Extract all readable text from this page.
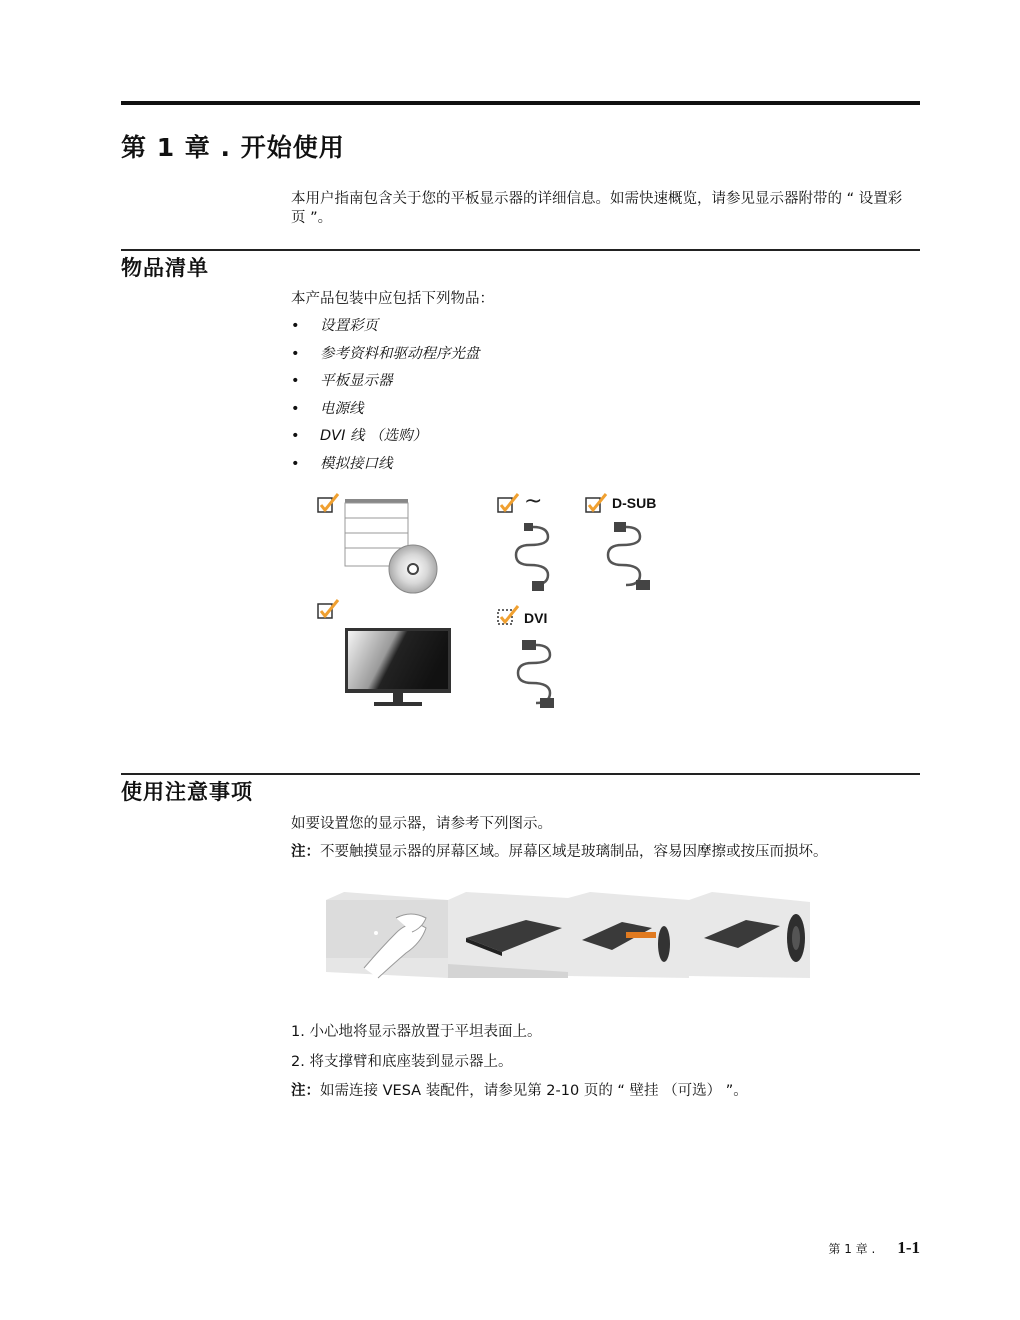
第 1 章 . 开始使用
本用户指南包含关于您的平板显示器的详细信息。如需快速概览，请参见显示器附带的 “ 设置彩页 ”。
物品清单
本产品包装中应包括下列物品：
• 设置彩页
• 参考资料和驱动程序光盘
• 平板显示器
• 电源线
• DVI 线 （选购）
• 模拟接口线
~	D-SUB
DVI
使用注意事项
如要设置您的显示器，请参考下列图示。
注：不要触摸显示器的屏幕区域。屏幕区域是玻璃制品，容易因摩擦或按压而损坏。
1. 小心地将显示器放置于平坦表面上。
2. 将支撑臂和底座装到显示器上。
注：如需连接 VESA 装配件，请参见第 2-10 页的 “ 壁挂 （可选） ”。
第 1 章 . 1-1
